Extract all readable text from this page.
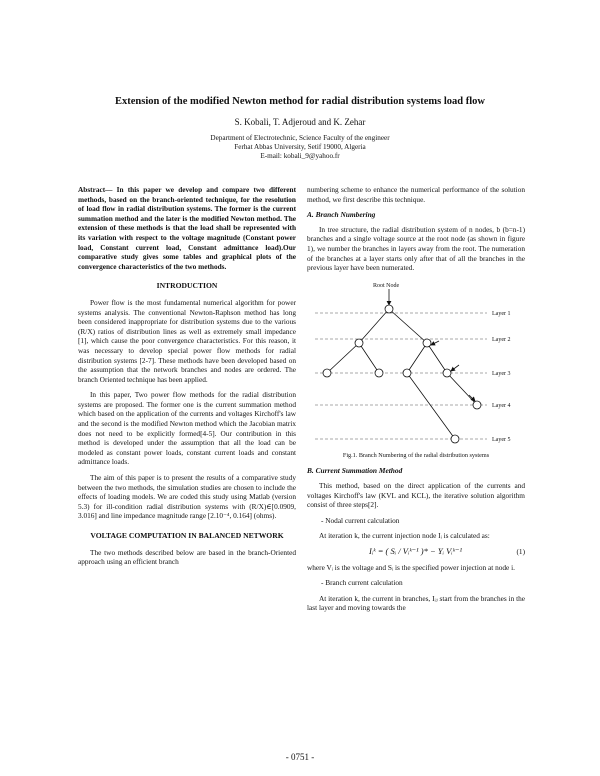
Extension of the modified Newton method for radial distribution systems load flow
S. Kobali, T. Adjeroud and K. Zehar
Department of Electrotechnic, Science Faculty of the engineer
Ferhat Abbas University, Setif 19000, Algeria
E-mail: kobali_9@yahoo.fr

Abstract— In this paper we develop and compare two different methods, based on the branch-oriented technique, for the resolution of load flow in radial distribution systems. The former is the current summation method and the later is the modified Newton method. The extension of these methods is that the load shall be represented with its variation with respect to the voltage magnitude (Constant power load, Constant current load, Constant admittance load).Our comparative study gives some tables and graphical plots of the convergence characteristics of the two methods.

INTRODUCTION

Power flow is the most fundamental numerical algorithm for power systems analysis. The conventional Newton-Raphson method has long been considered inappropriate for distribution systems due to the various (R/X) ratios of distribution lines as well as extremely small impedance [1], which cause the poor convergence characteristics. For this reason, it was necessary to develop special power flow methods for radial distribution systems [2-7]. These methods have been developed based on the assumption that the network branches and nodes are ordered. The branch Oriented technique has been applied.

In this paper, Two power flow methods for the radial distribution systems are proposed. The former one is the current summation method which based on the application of the currents and voltages Kirchoff's law and the second is the modified Newton method which the Jacobian matrix does not need to be explicitly formed[4-5]. Our contribution in this method is developed under the assumption that all the load can be modeled as constant power loads, constant current loads and constant admittance loads.

The aim of this paper is to present the results of a comparative study between the two methods, the simulation studies are chosen to include the effects of loading models. We are coded this study using Matlab (version 5.3) for ill-condition radial distribution systems with (R/X)∈[0.0909, 3.016] and line impedance magnitude range [2.10⁻⁴, 0.164] (ohms).

VOLTAGE COMPUTATION IN BALANCED NETWORK

The two methods described below are based in the branch-Oriented approach using an efficient branch

numbering scheme to enhance the numerical performance of the solution method, we first describe this technique.

A. Branch Numbering

In tree structure, the radial distribution system of n nodes, b (b=n-1) branches and a single voltage source at the root node (as shown in figure 1), we number the branches in layers away from the root. The numeration of the branches at a layer starts only after that of all the branches in the previous layer have been numerated.

Layer 1
Layer 2
Layer 3
Layer 4
Layer 5
Root Node
Fig.1. Branch Numbering of the radial distribution systems
B. Current Summation Method

This method, based on the direct application of the currents and voltages Kirchoff's law (KVL and KCL), the iterative solution algorithm consist of three steps[2].

- Nodal current calculation

At iteration k, the current injection node Iᵢ is calculated as:

Iᵢᵏ = ( Sᵢ / Vᵢᵏ⁻¹ )* − Yᵢ Vᵢᵏ⁻¹	(1)

where Vᵢ is the voltage and Sᵢ is the specified power injection at node i.

- Branch current calculation

At iteration k, the current in branches, Iᵢⱼ start from the branches in the last layer and moving towards the

- 0751 -
